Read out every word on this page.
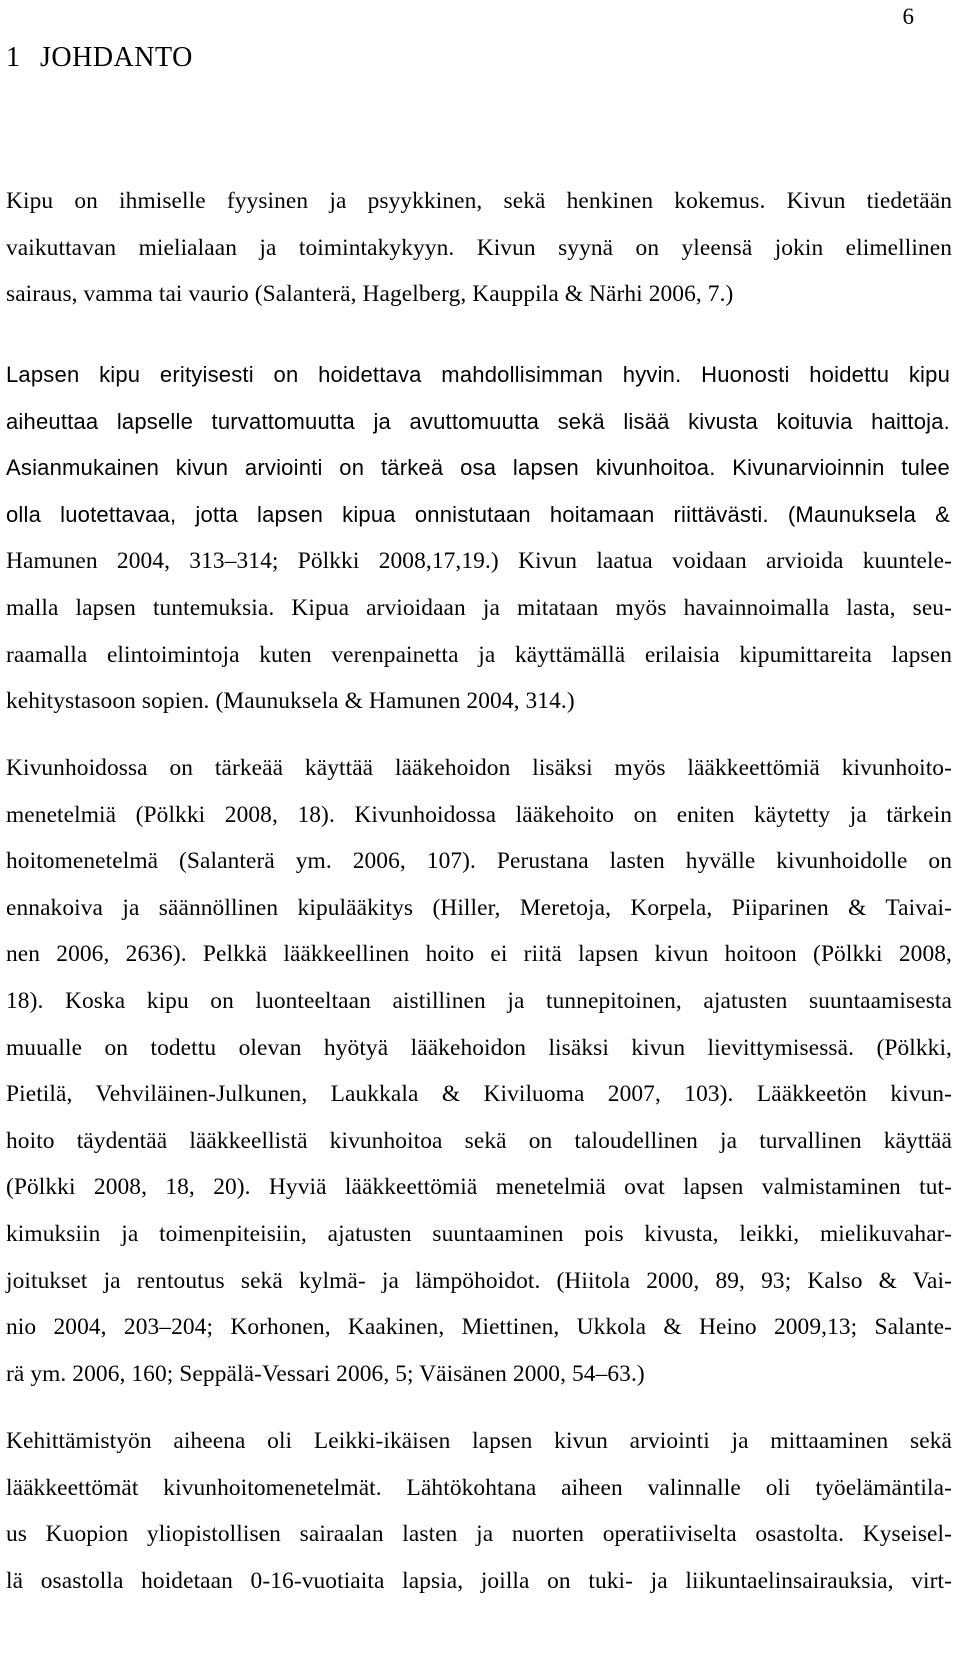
6
1 JOHDANTO
Kipu on ihmiselle fyysinen ja psyykkinen, sekä henkinen kokemus. Kivun tiedetään
vaikuttavan mielialaan ja toimintakykyyn. Kivun syynä on yleensä jokin elimellinen
sairaus, vamma tai vaurio (Salanterä, Hagelberg, Kauppila & Närhi 2006, 7.)
Lapsen kipu erityisesti on hoidettava mahdollisimman hyvin. Huonosti hoidettu kipu
aiheuttaa lapselle turvattomuutta ja avuttomuutta sekä lisää kivusta koituvia haittoja.
Asianmukainen kivun arviointi on tärkeä osa lapsen kivunhoitoa. Kivunarvioinnin tulee
olla luotettavaa, jotta lapsen kipua onnistutaan hoitamaan riittävästi. (Maunuksela &
Hamunen 2004, 313–314; Pölkki 2008,17,19.) Kivun laatua voidaan arvioida kuuntele-
malla lapsen tuntemuksia. Kipua arvioidaan ja mitataan myös havainnoimalla lasta, seu-
raamalla elintoimintoja kuten verenpainetta ja käyttämällä erilaisia kipumittareita lapsen
kehitystasoon sopien. (Maunuksela & Hamunen 2004, 314.)
Kivunhoidossa on tärkeää käyttää lääkehoidon lisäksi myös lääkkeettömiä kivunhoito-
menetelmiä (Pölkki 2008, 18). Kivunhoidossa lääkehoito on eniten käytetty ja tärkein
hoitomenetelmä (Salanterä ym. 2006, 107). Perustana lasten hyvälle kivunhoidolle on
ennakoiva ja säännöllinen kipulääkitys (Hiller, Meretoja, Korpela, Piiparinen & Taivai-
nen 2006, 2636). Pelkkä lääkkeellinen hoito ei riitä lapsen kivun hoitoon (Pölkki 2008,
18). Koska kipu on luonteeltaan aistillinen ja tunnepitoinen, ajatusten suuntaamisesta
muualle on todettu olevan hyötyä lääkehoidon lisäksi kivun lievittymisessä. (Pölkki,
Pietilä, Vehviläinen-Julkunen, Laukkala & Kiviluoma 2007, 103). Lääkkeetön kivun-
hoito täydentää lääkkeellistä kivunhoitoa sekä on taloudellinen ja turvallinen käyttää
(Pölkki 2008, 18, 20). Hyviä lääkkeettömiä menetelmiä ovat lapsen valmistaminen tut-
kimuksiin ja toimenpiteisiin, ajatusten suuntaaminen pois kivusta, leikki, mielikuvahar-
joitukset ja rentoutus sekä kylmä- ja lämpöhoidot. (Hiitola 2000, 89, 93; Kalso & Vai-
nio 2004, 203–204; Korhonen, Kaakinen, Miettinen, Ukkola & Heino 2009,13; Salante-
rä ym. 2006, 160; Seppälä-Vessari 2006, 5; Väisänen 2000, 54–63.)
Kehittämistyön aiheena oli Leikki-ikäisen lapsen kivun arviointi ja mittaaminen sekä
lääkkeettömät kivunhoitomenetelmät. Lähtökohtana aiheen valinnalle oli työelämäntila-
us Kuopion yliopistollisen sairaalan lasten ja nuorten operatiiviselta osastolta. Kyseisel-
lä osastolla hoidetaan 0-16-vuotiaita lapsia, joilla on tuki- ja liikuntaelinsairauksia, virt-
